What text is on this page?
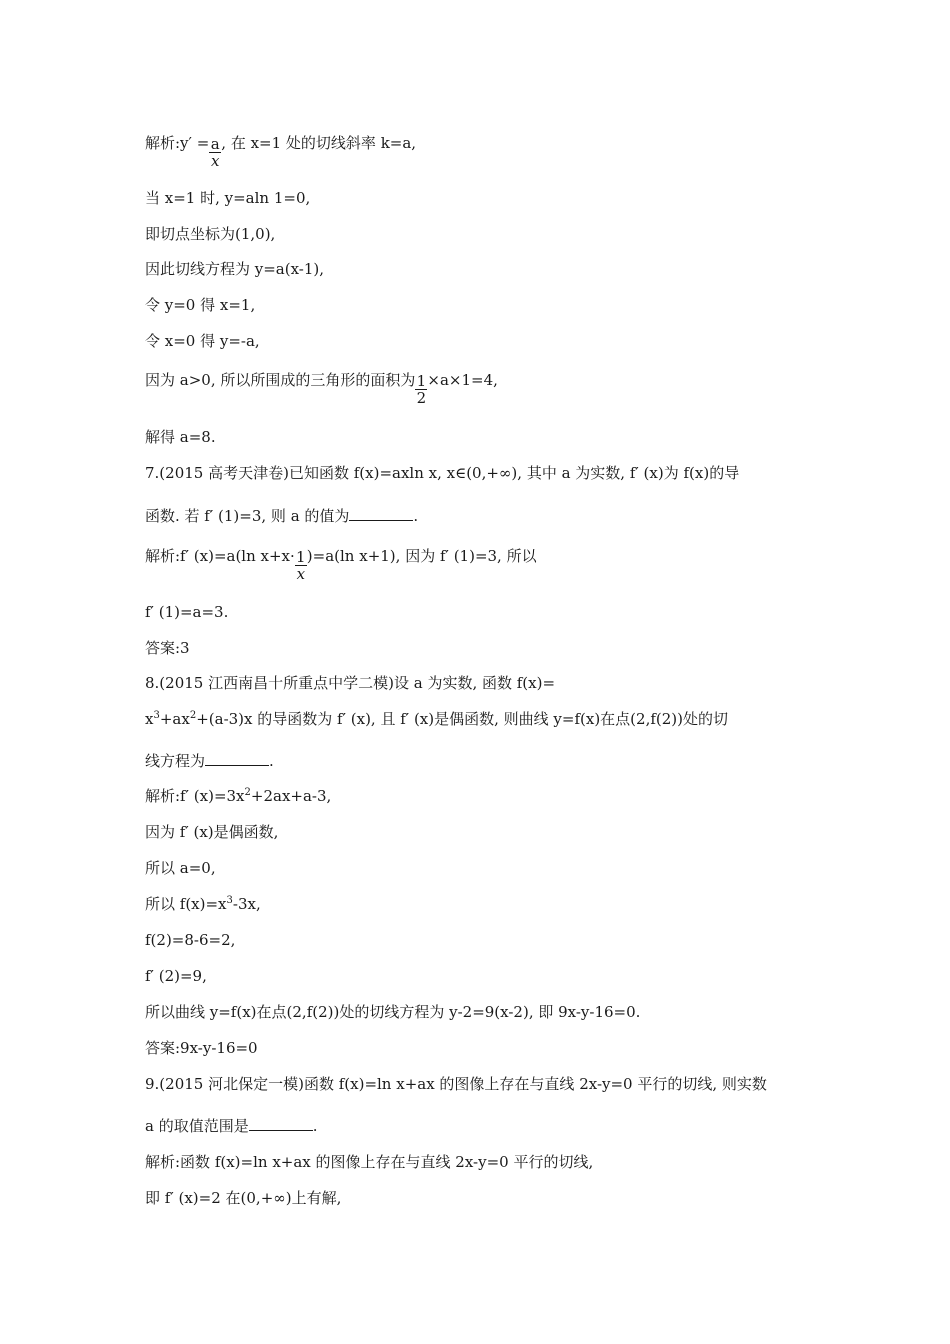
解析:y′ = $\frac{a}{x}$ , 在 x=1 处的切线斜率 k=a,
当 x=1 时, y=aln 1=0,
即切点坐标为(1,0),
因此切线方程为 y=a(x-1),
令 y=0 得 x=1,
令 x=0 得 y=-a,
因为 a>0, 所以所围成的三角形的面积为 $\frac{1}{2} \times a\times 1=4$,
解得 a=8.
7.(2015 高考天津卷)已知函数 f(x)=axln x, x∈(0,+∞), 其中 a 为实数, f′ (x)为 f(x)的导
函数. 若 f′ (1)=3, 则 a 的值为	.
解析:f′ (x)=a(ln $x+x\cdot \frac{1}{x} )=a(\ln$ x+1), 因为 f′ (1)=3, 所以
f′ (1)=a=3.
答案:3
8.(2015 江西南昌十所重点中学二模)设 a 为实数, 函数 f(x)=
$x^3+ax^2+(a-3)x$ 的导函数为 f′ (x), 且 f′ (x)是偶函数, 则曲线 y=f(x)在点(2,f(2))处的切
线方程为	.
解析:f′ $(x)=3x^2+2ax+a-3$,
因为 f′ (x)是偶函数,
所以 a=0,
所以 $f(x)=x^3-3x$,
f(2)=8-6=2,
f′ (2)=9,
所以曲线 y=f(x)在点(2,f(2))处的切线方程为 y-2=9(x-2), 即 9x-y-16=0.
答案:9x-y-16=0
9.(2015 河北保定一模)函数 f(x)=ln x+ax 的图像上存在与直线 2x-y=0 平行的切线, 则实数
a 的取值范围是	.
解析:函数 f(x)=ln x+ax 的图像上存在与直线 2x-y=0 平行的切线,
即 f′ (x)=2 在(0,+∞)上有解,
